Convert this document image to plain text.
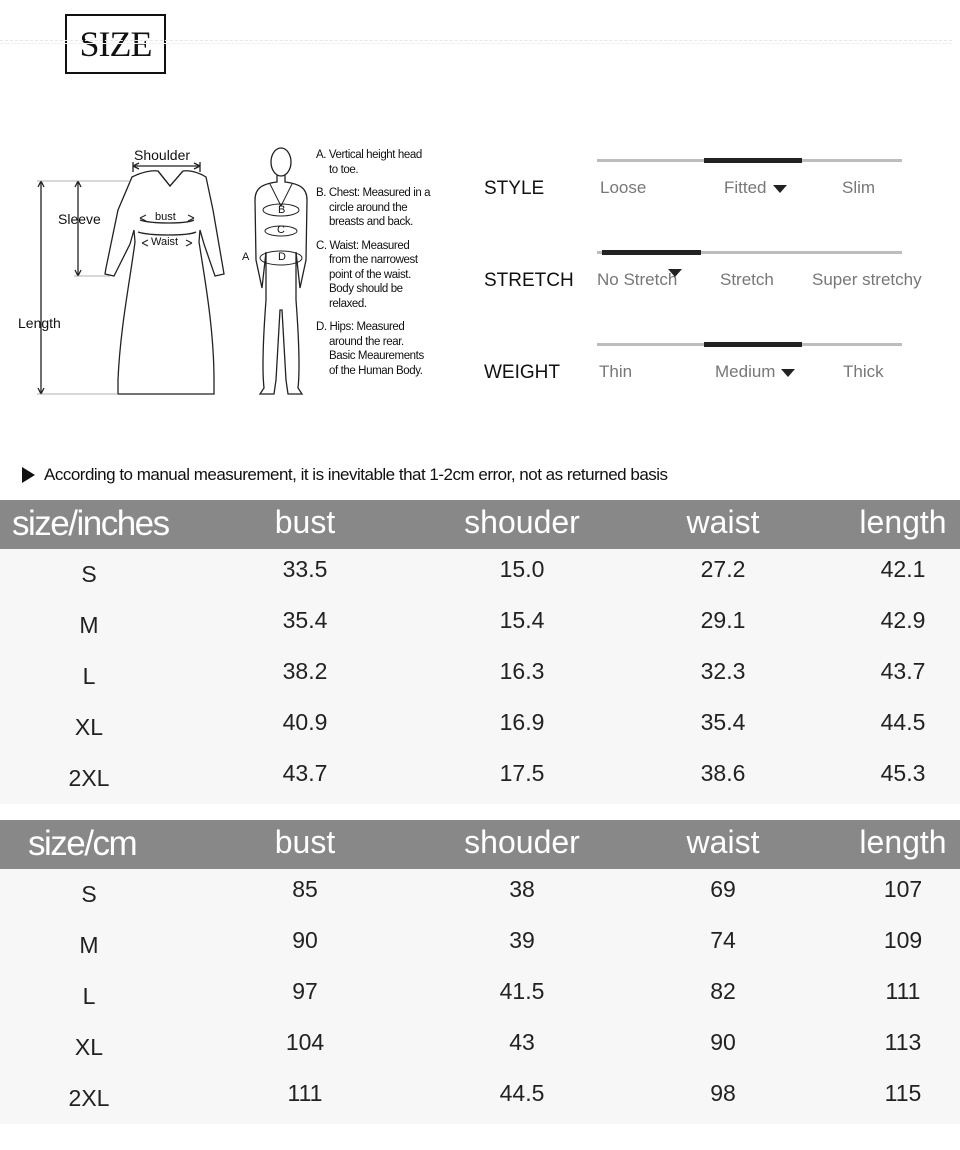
SIZE
Shoulder
Sleeve	bust
Waist
Length
A
B
C
D
A. Vertical height head
to toe.
B. Chest: Measured in a
circle around the
breasts and back.
C. Waist: Measured
from the narrowest
point of the waist.
Body should be
relaxed.
D. Hips: Measured
around the rear.
Basic Meaurements
of the Human Body.
STYLE	Loose	Fitted	Slim
STRETCH No Stretch	Stretch Super stretchy
WEIGHT Thin	Medium	Thick
According to manual measurement, it is inevitable that 1-2cm error, not as returned basis
size/inches	bust	shouder	waist	length
S	33.5	15.0	27.2	42.1
M	35.4	15.4	29.1	42.9
L	38.2	16.3	32.3	43.7
XL	40.9	16.9	35.4	44.5
2XL	43.7	17.5	38.6	45.3
size/cm	bust	shouder	waist	length
S	85	38	69	107
M	90	39	74	109
L	97	41.5	82	111
XL	104	43	90	113
2XL	111	44.5	98	115
